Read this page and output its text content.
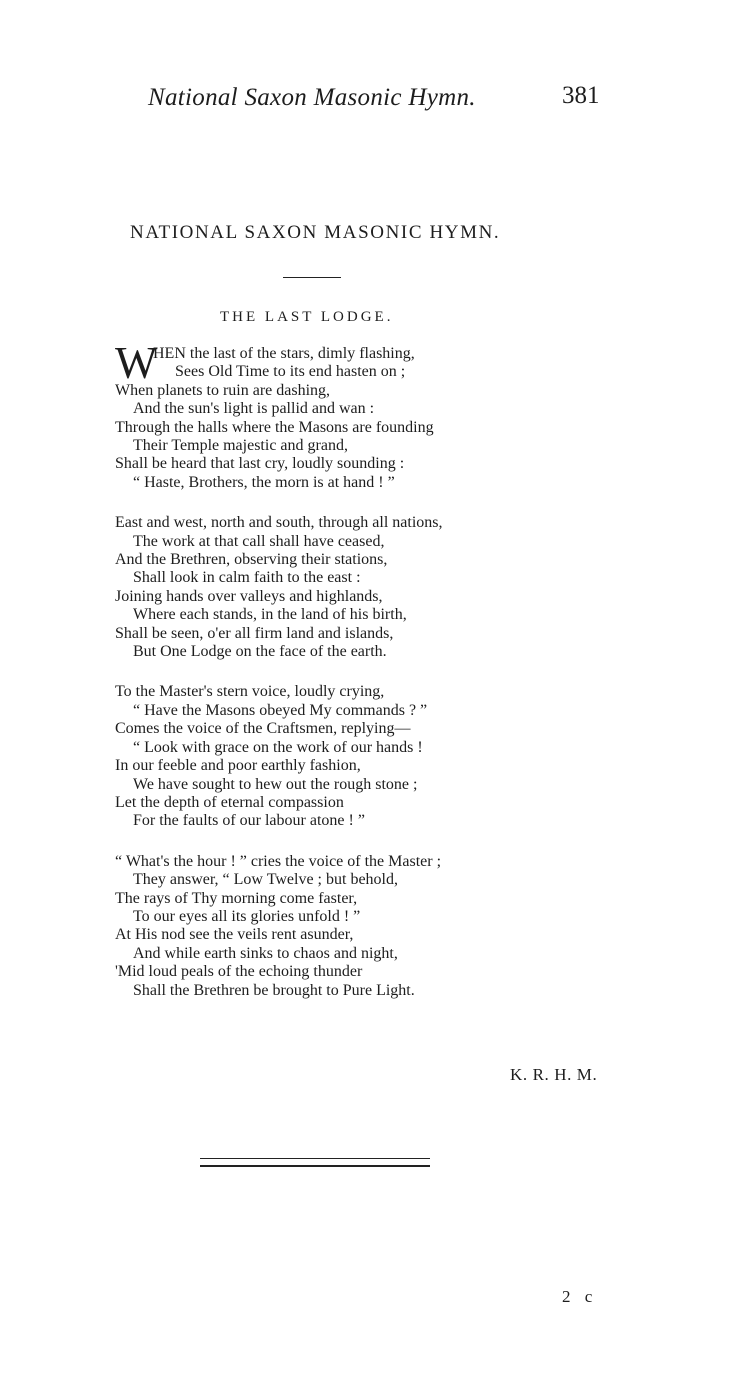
National Saxon Masonic Hymn.	381
NATIONAL SAXON MASONIC HYMN.
THE LAST LODGE.
W
HEN the last of the stars, dimly flashing,
Sees Old Time to its end hasten on ;
When planets to ruin are dashing,
And the sun's light is pallid and wan :
Through the halls where the Masons are founding
Their Temple majestic and grand,
Shall be heard that last cry, loudly sounding :
“ Haste, Brothers, the morn is at hand ! ”
East and west, north and south, through all nations,
The work at that call shall have ceased,
And the Brethren, observing their stations,
Shall look in calm faith to the east :
Joining hands over valleys and highlands,
Where each stands, in the land of his birth,
Shall be seen, o'er all firm land and islands,
But One Lodge on the face of the earth.
To the Master's stern voice, loudly crying,
“ Have the Masons obeyed My commands ? ”
Comes the voice of the Craftsmen, replying—
“ Look with grace on the work of our hands !
In our feeble and poor earthly fashion,
We have sought to hew out the rough stone ;
Let the depth of eternal compassion
For the faults of our labour atone ! ”
“ What's the hour ! ” cries the voice of the Master ;
They answer, “ Low Twelve ; but behold,
The rays of Thy morning come faster,
To our eyes all its glories unfold ! ”
At His nod see the veils rent asunder,
And while earth sinks to chaos and night,
'Mid loud peals of the echoing thunder
Shall the Brethren be brought to Pure Light.
K. R. H. M.
2 c
